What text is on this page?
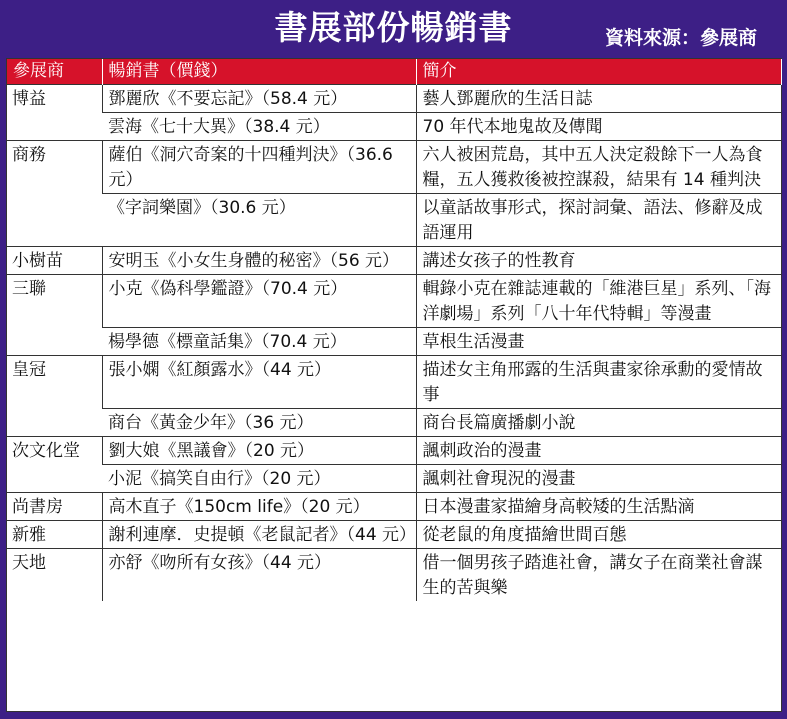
書展部份暢銷書	資料來源：參展商
參展商	暢銷書（價錢）	簡介
博益	鄧麗欣《不要忘記》（58.4 元）	藝人鄧麗欣的生活日誌
	雲海《七十大異》（38.4 元）	70 年代本地鬼故及傳聞
商務	薩伯《洞穴奇案的十四種判決》（36.6 元）	六人被困荒島，其中五人決定殺餘下一人為食糧，五人獲救後被控謀殺，結果有 14 種判決
	《字詞樂園》（30.6 元）	以童話故事形式，探討詞彙、語法、修辭及成語運用
小樹苗	安明玉《小女生身體的秘密》（56 元）	講述女孩子的性教育
三聯	小克《偽科學鑑證》（70.4 元）	輯錄小克在雜誌連載的「維港巨星」系列、「海洋劇場」系列「八十年代特輯」等漫畫
	楊學德《標童話集》（70.4 元）	草根生活漫畫
皇冠	張小嫻《紅顏露水》（44 元）	描述女主角邢露的生活與畫家徐承勳的愛情故事
	商台《黃金少年》（36 元）	商台長篇廣播劇小說
次文化堂	劉大娘《黑議會》（20 元）	諷刺政治的漫畫
	小泥《搞笑自由行》（20 元）	諷刺社會現況的漫畫
尚書房	高木直子《150cm life》（20 元）	日本漫畫家描繪身高較矮的生活點滴
新雅	謝利連摩．史提頓《老鼠記者》（44 元）	從老鼠的角度描繪世間百態
天地	亦舒《吻所有女孩》（44 元）	借一個男孩子踏進社會，講女子在商業社會謀生的苦與樂
